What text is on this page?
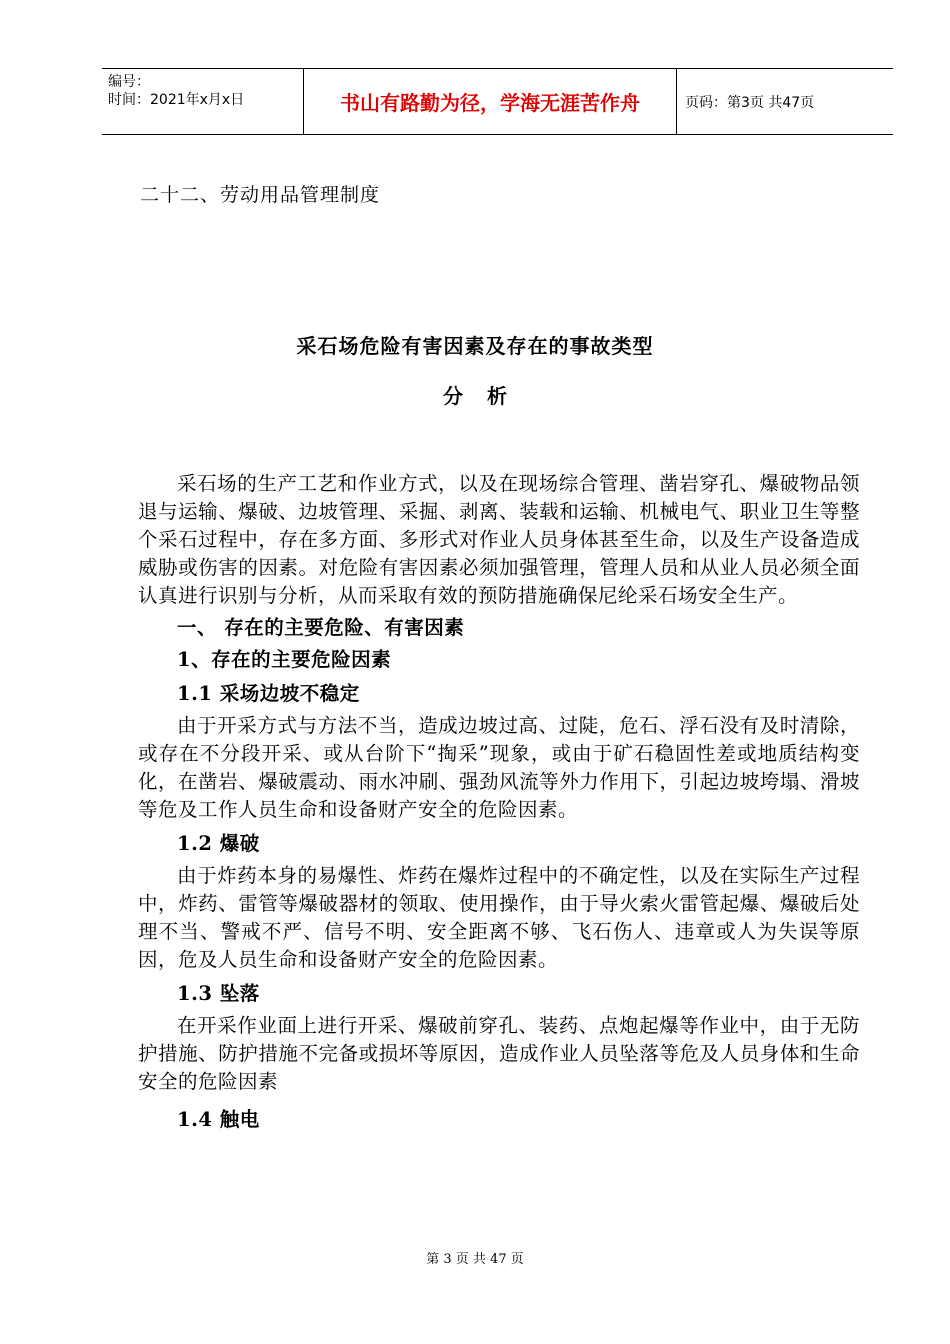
编号：
时间：2021年x月x日	书山有路勤为径，学海无涯苦作舟	页码：第3页 共47页
二十二、劳动用品管理制度
采石场危险有害因素及存在的事故类型
分析

采石场的生产工艺和作业方式，以及在现场综合管理、凿岩穿孔、爆破物品领退与运输、爆破、边坡管理、采掘、剥离、装载和运输、机械电气、职业卫生等整个采石过程中，存在多方面、多形式对作业人员身体甚至生命，以及生产设备造成威胁或伤害的因素。对危险有害因素必须加强管理，管理人员和从业人员必须全面认真进行识别与分析，从而采取有效的预防措施确保尼纶采石场安全生产。

一、 存在的主要危险、有害因素
1、存在的主要危险因素
1.1 采场边坡不稳定

由于开采方式与方法不当，造成边坡过高、过陡，危石、浮石没有及时清除，或存在不分段开采、或从台阶下“掏采”现象，或由于矿石稳固性差或地质结构变化，在凿岩、爆破震动、雨水冲刷、强劲风流等外力作用下，引起边坡垮塌、滑坡等危及工作人员生命和设备财产安全的危险因素。

1.2 爆破

由于炸药本身的易爆性、炸药在爆炸过程中的不确定性，以及在实际生产过程中，炸药、雷管等爆破器材的领取、使用操作，由于导火索火雷管起爆、爆破后处理不当、警戒不严、信号不明、安全距离不够、飞石伤人、违章或人为失误等原因，危及人员生命和设备财产安全的危险因素。

1.3 坠落

在开采作业面上进行开采、爆破前穿孔、装药、点炮起爆等作业中，由于无防护措施、防护措施不完备或损坏等原因，造成作业人员坠落等危及人员身体和生命安全的危险因素

1.4 触电
第 3 页 共 47 页
